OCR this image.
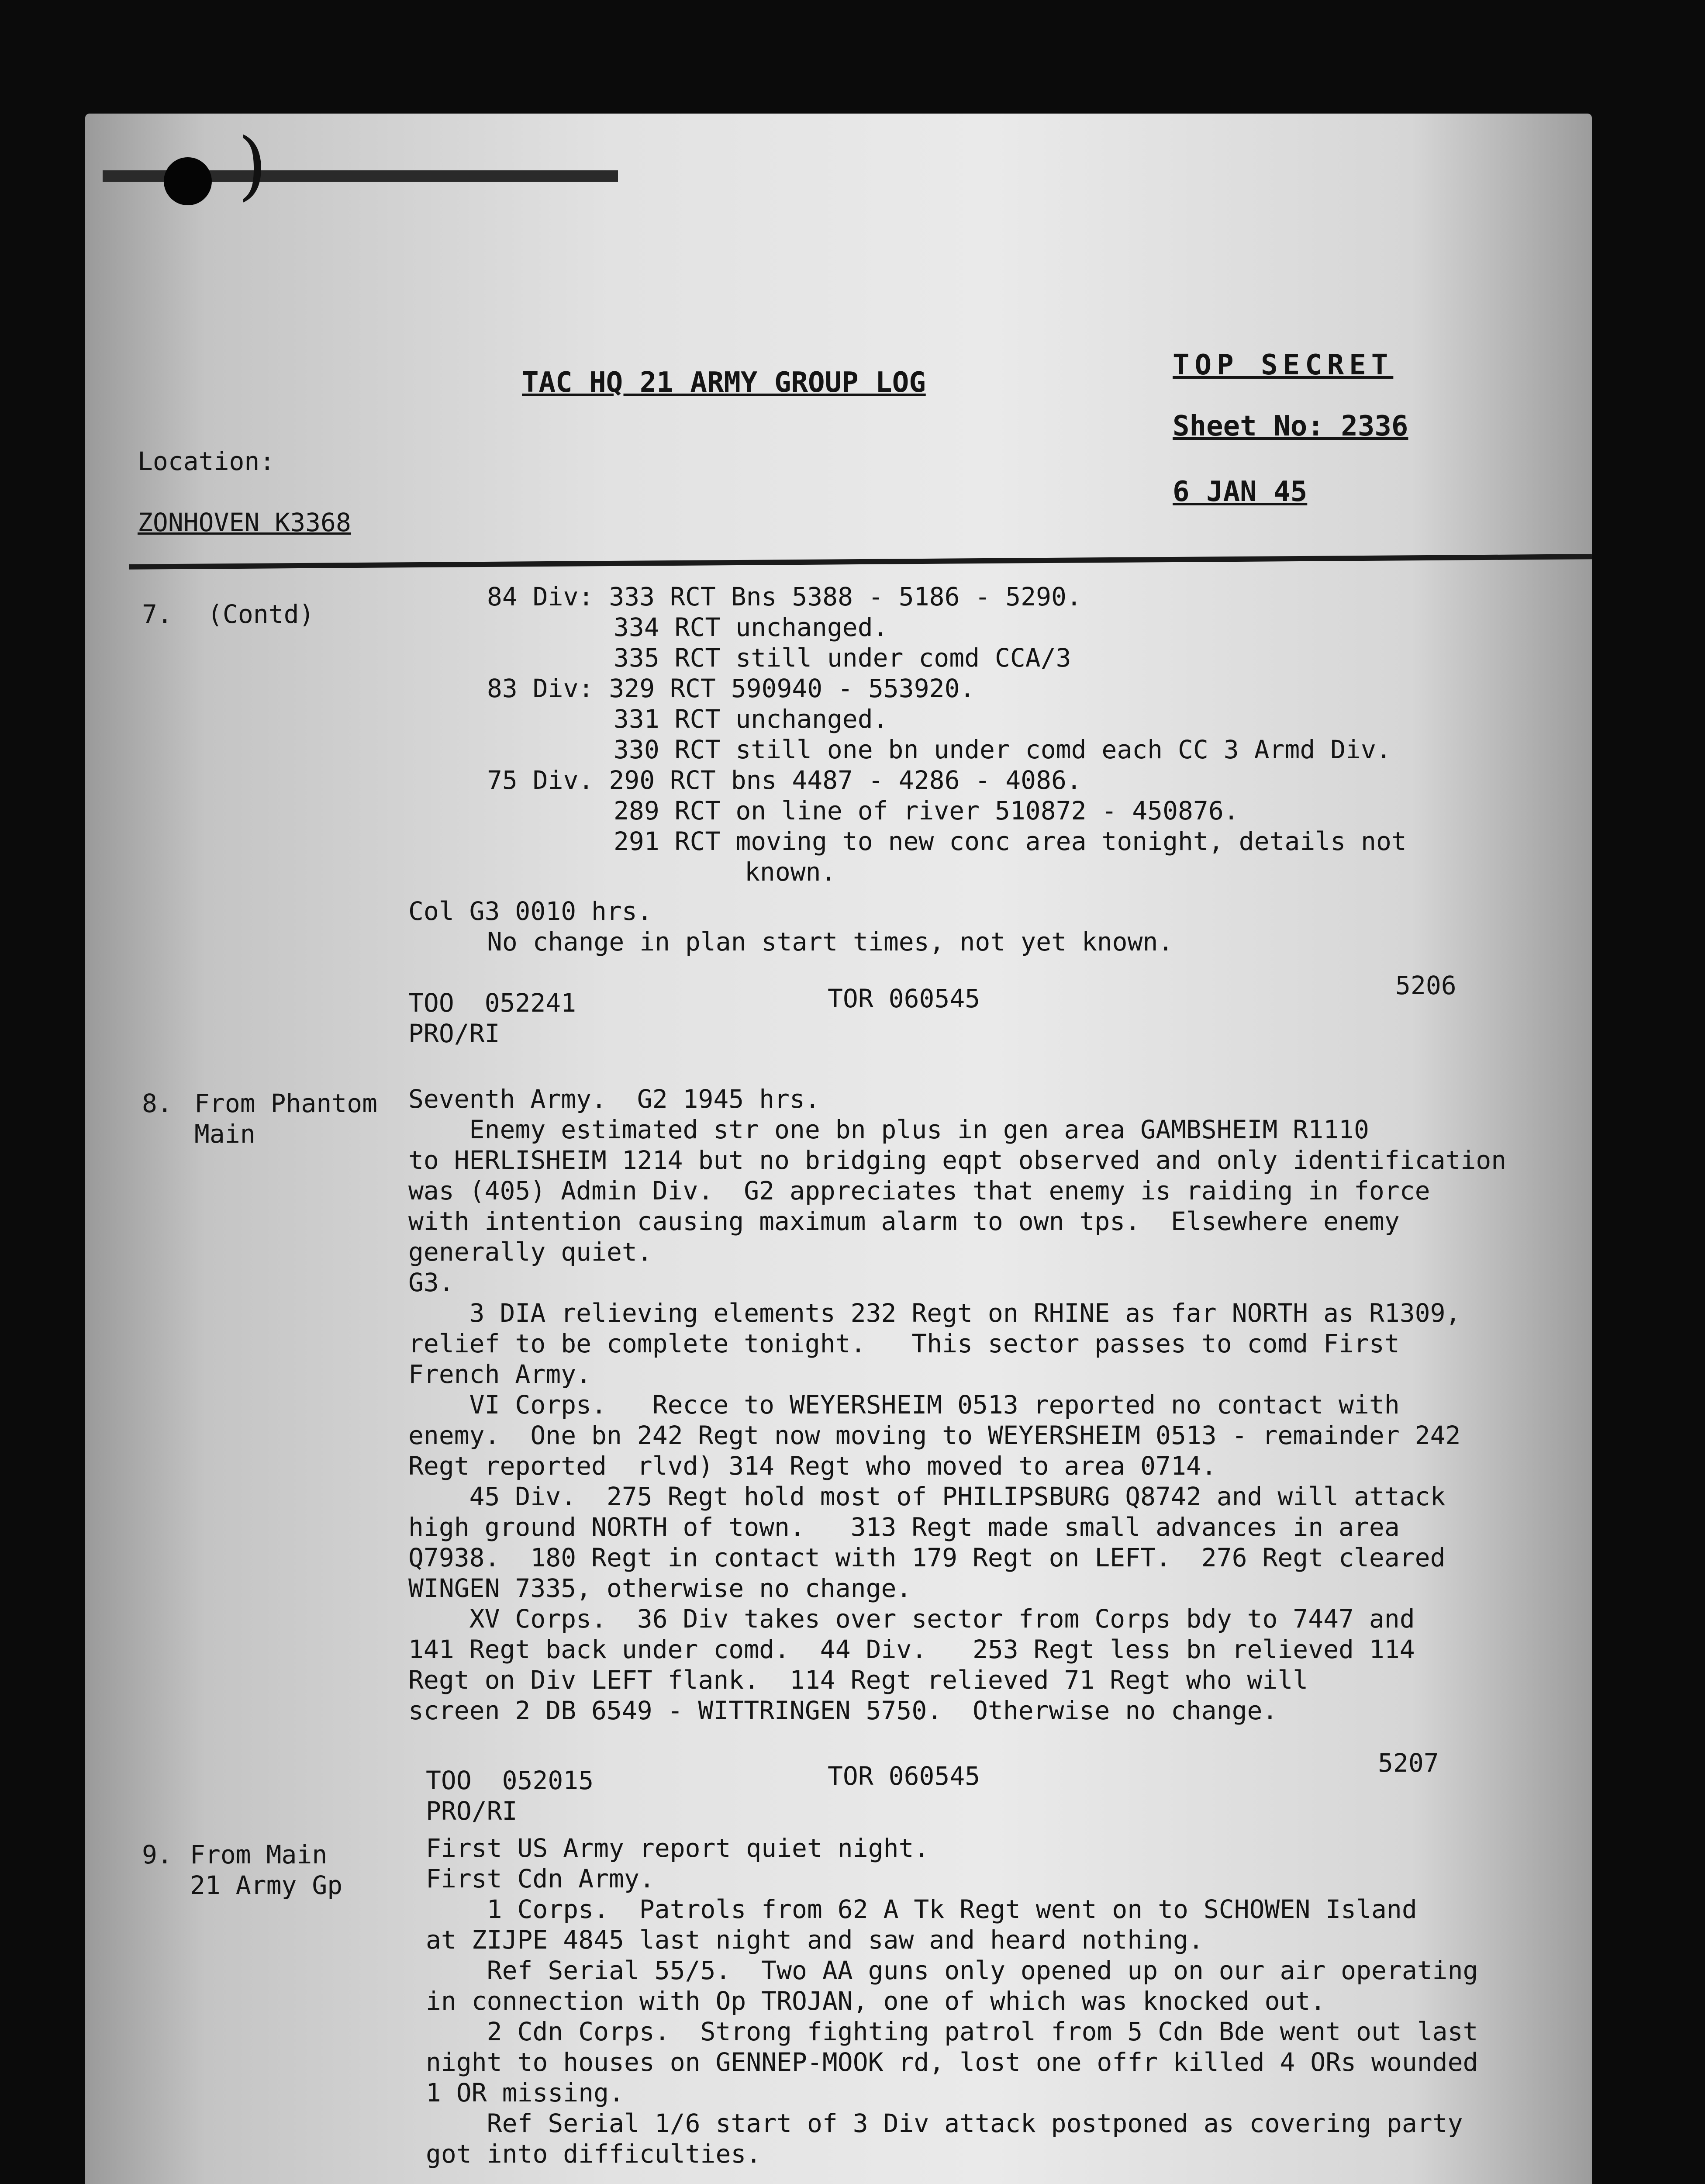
)
TAC HQ 21 ARMY GROUP LOG
TOP SECRET
Sheet No: 2336
6 JAN 45
Location:
ZONHOVEN K3368
7. (Contd)
84 Div: 333 RCT Bns 5388 - 5186 - 5290.
334 RCT unchanged.
335 RCT still under comd CCA/3
83 Div: 329 RCT 590940 - 553920.
331 RCT unchanged.
330 RCT still one bn under comd each CC 3 Armd Div.
75 Div. 290 RCT bns 4487 - 4286 - 4086.
289 RCT on line of river 510872 - 450876.
291 RCT moving to new conc area tonight, details not
known.
Col G3 0010 hrs.
No change in plan start times, not yet known.
TOO  052241	TOR 060545	5206
PRO/RI
8. From Phantom
Main
Seventh Army.  G2 1945 hrs.
Enemy estimated str one bn plus in gen area GAMBSHEIM R1110
to HERLISHEIM 1214 but no bridging eqpt observed and only identification
was (405) Admin Div.  G2 appreciates that enemy is raiding in force
with intention causing maximum alarm to own tps.  Elsewhere enemy
generally quiet.
G3.
3 DIA relieving elements 232 Regt on RHINE as far NORTH as R1309,
relief to be complete tonight.   This sector passes to comd First
French Army.
VI Corps.   Recce to WEYERSHEIM 0513 reported no contact with
enemy.  One bn 242 Regt now moving to WEYERSHEIM 0513 - remainder 242
Regt reported  rlvd) 314 Regt who moved to area 0714.
45 Div.  275 Regt hold most of PHILIPSBURG Q8742 and will attack
high ground NORTH of town.   313 Regt made small advances in area
Q7938.  180 Regt in contact with 179 Regt on LEFT.  276 Regt cleared
WINGEN 7335, otherwise no change.
XV Corps.  36 Div takes over sector from Corps bdy to 7447 and
141 Regt back under comd.  44 Div.   253 Regt less bn relieved 114
Regt on Div LEFT flank.  114 Regt relieved 71 Regt who will
screen 2 DB 6549 - WITTRINGEN 5750.  Otherwise no change.
TOO  052015	TOR 060545	5207
PRO/RI
9. From Main
21 Army Gp
First US Army report quiet night.
First Cdn Army.
1 Corps.  Patrols from 62 A Tk Regt went on to SCHOWEN Island
at ZIJPE 4845 last night and saw and heard nothing.
Ref Serial 55/5.  Two AA guns only opened up on our air operating
in connection with Op TROJAN, one of which was knocked out.
2 Cdn Corps.  Strong fighting patrol from 5 Cdn Bde went out last
night to houses on GENNEP-MOOK rd, lost one offr killed 4 ORs wounded
1 OR missing.
Ref Serial 1/6 start of 3 Div attack postponed as covering party
got into difficulties.
